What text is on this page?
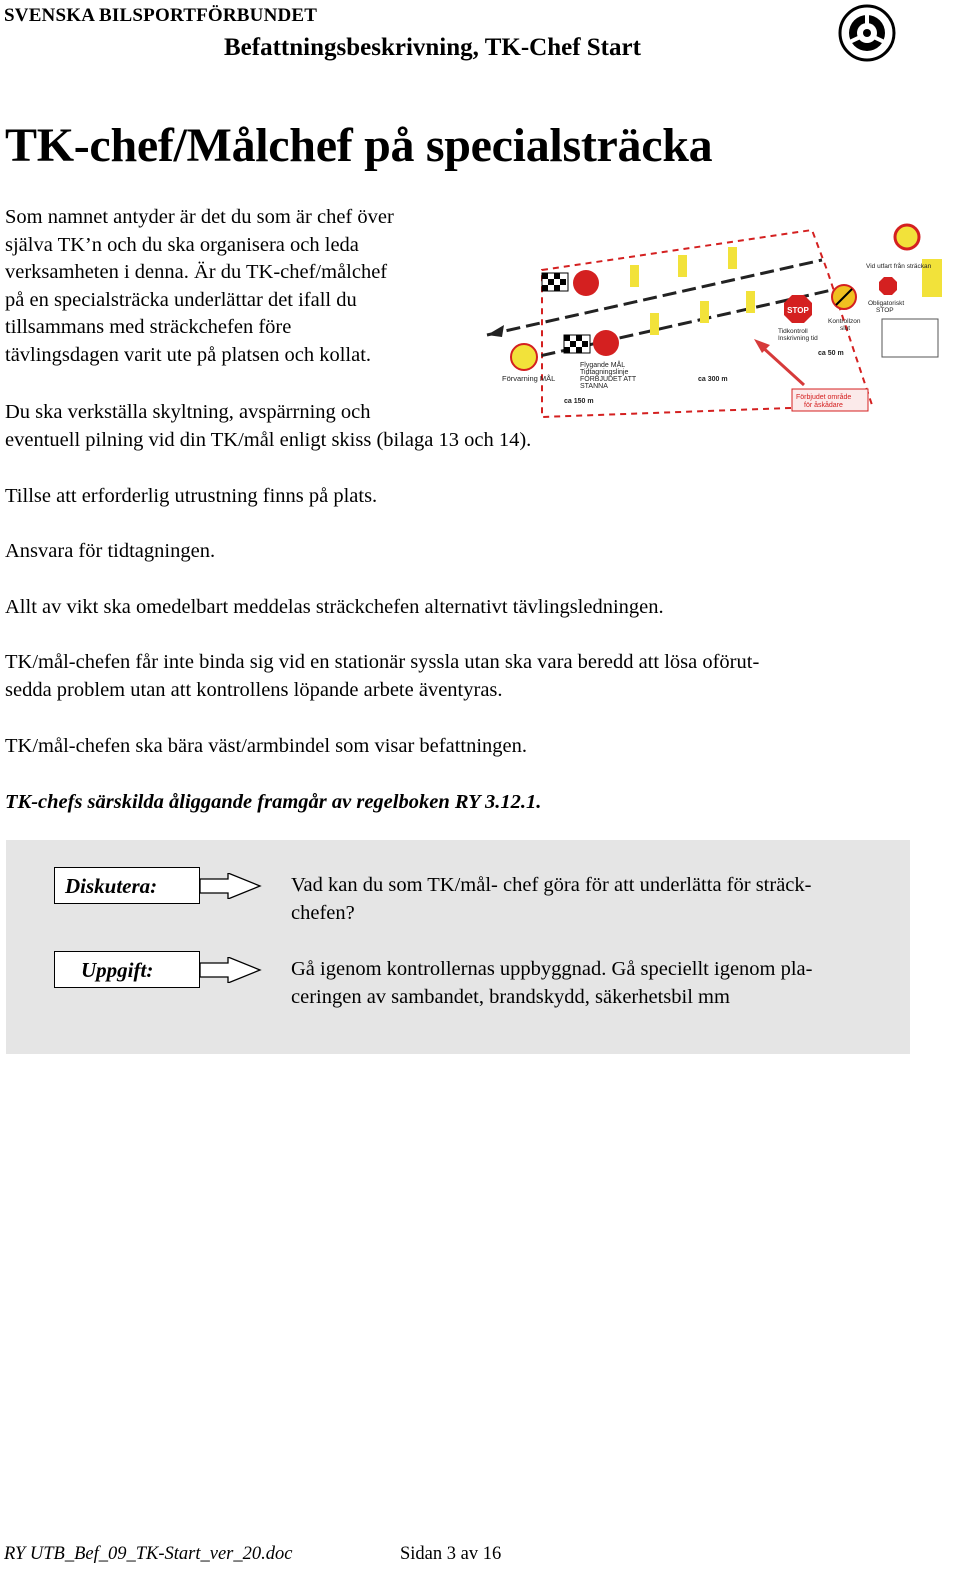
SVENSKA BILSPORTFÖRBUNDET
Befattningsbeskrivning, TK-Chef Start
TK-chef/Målchef på specialsträcka
Som namnet antyder är det du som är chef över
själva TK’n och du ska organisera och leda
verksamheten i denna. Är du TK-chef/målchef
på en specialsträcka underlättar det ifall du
tillsammans med sträckchefen före
tävlingsdagen varit ute på platsen och kollat.
Du ska verkställa skyltning, avspärrning och
eventuell pilning vid din TK/mål enligt skiss (bilaga 13 och 14).
Tillse att erforderlig utrustning finns på plats.
Ansvara för tidtagningen.
Allt av vikt ska omedelbart meddelas sträckchefen alternativt tävlingsledningen.
TK/mål-chefen får inte binda sig vid en stationär syssla utan ska vara beredd att lösa oförut-
sedda problem utan att kontrollens löpande arbete äventyras.
TK/mål-chefen ska bära väst/armbindel som visar befattningen.
TK-chefs särskilda åliggande framgår av regelboken RY 3.12.1.
STOP
Förvarning MÅL
Flygande MÅL
Tidtagningslinje
FÖRBJUDET ATT
STANNA
ca 150 m
ca 300 m
ca 50 m
Tidkontroll
Inskrivning tid
Kontrollzon
slut
Vid utfart från sträckan
Obligatoriskt
STOP
Förbjudet område
för åskådare
Diskutera:	Vad kan du som TK/mål- chef göra för att underlätta för sträck-
chefen?
Uppgift:	Gå igenom kontrollernas uppbyggnad. Gå speciellt igenom pla-
ceringen av sambandet, brandskydd, säkerhetsbil mm
RY UTB_Bef_09_TK-Start_ver_20.doc	Sidan 3 av 16
